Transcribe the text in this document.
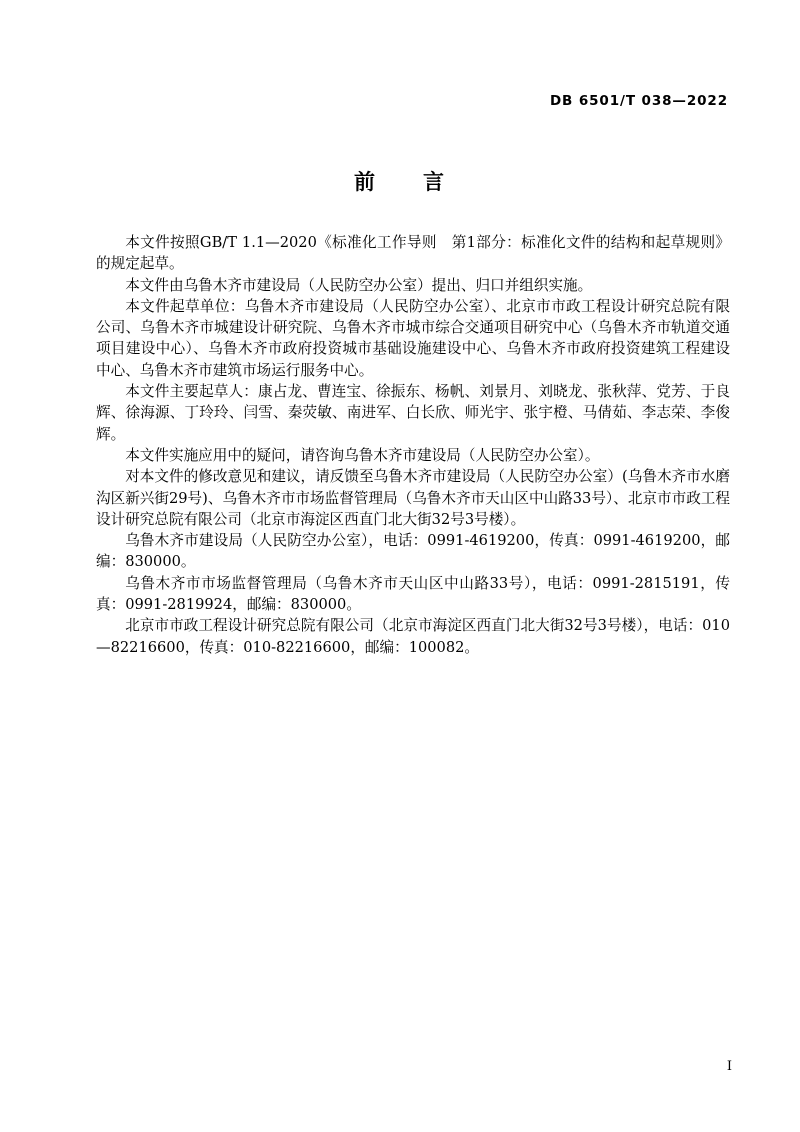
DB 6501/T 038—2022
前　　言

本文件按照GB/T 1.1—2020《标准化工作导则　第1部分：标准化文件的结构和起草规则》的规定起草。

本文件由乌鲁木齐市建设局（人民防空办公室）提出、归口并组织实施。

本文件起草单位：乌鲁木齐市建设局（人民防空办公室）、北京市市政工程设计研究总院有限公司、乌鲁木齐市城建设计研究院、乌鲁木齐市城市综合交通项目研究中心（乌鲁木齐市轨道交通项目建设中心）、乌鲁木齐市政府投资城市基础设施建设中心、乌鲁木齐市政府投资建筑工程建设中心、乌鲁木齐市建筑市场运行服务中心。

本文件主要起草人：康占龙、曹连宝、徐振东、杨帆、刘景月、刘晓龙、张秋萍、党芳、于良辉、徐海源、丁玲玲、闫雪、秦荧敏、南进军、白长欣、师光宇、张宇橙、马倩茹、李志荣、李俊辉。

本文件实施应用中的疑问，请咨询乌鲁木齐市建设局（人民防空办公室）。

对本文件的修改意见和建议，请反馈至乌鲁木齐市建设局（人民防空办公室）(乌鲁木齐市水磨沟区新兴街29号)、乌鲁木齐市市场监督管理局（乌鲁木齐市天山区中山路33号）、北京市市政工程设计研究总院有限公司（北京市海淀区西直门北大街32号3号楼）。

乌鲁木齐市建设局（人民防空办公室），电话：0991-4619200，传真：0991-4619200，邮编：830000。

乌鲁木齐市市场监督管理局（乌鲁木齐市天山区中山路33号），电话：0991-2815191，传真：0991-2819924，邮编：830000。

北京市市政工程设计研究总院有限公司（北京市海淀区西直门北大街32号3号楼），电话：010—82216600，传真：010-82216600，邮编：100082。

I
